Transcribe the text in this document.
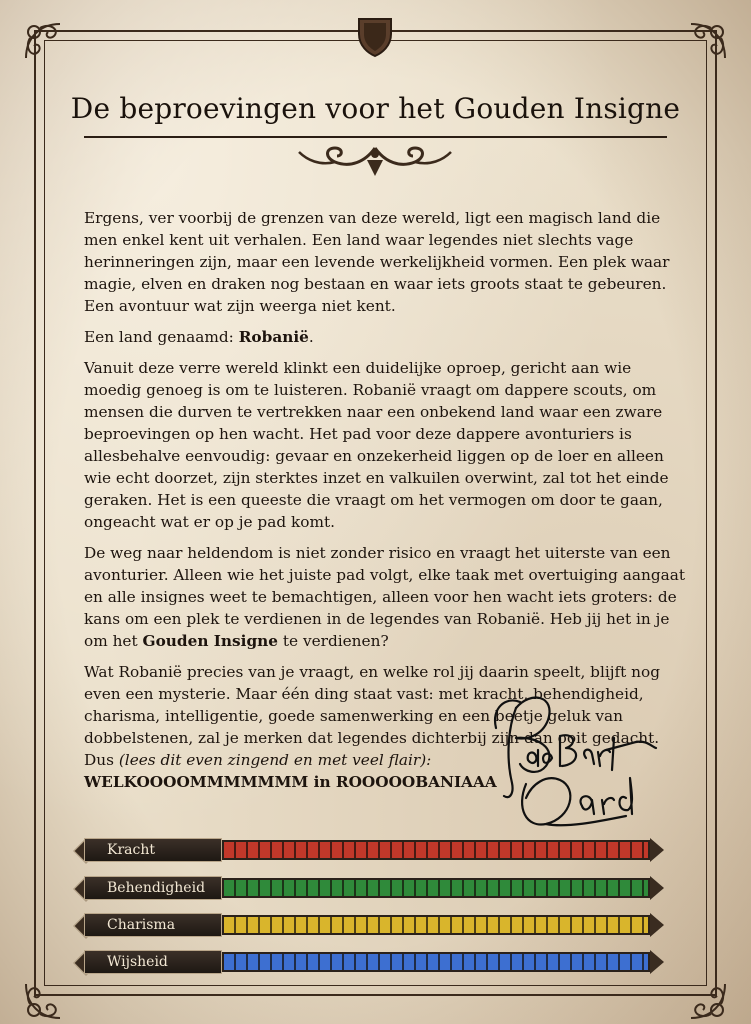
De beproevingen voor het Gouden Insigne

Ergens, ver voorbij de grenzen van deze wereld, ligt een magisch land die men enkel kent uit verhalen. Een land waar legendes niet slechts vage herinneringen zijn, maar een levende werkelijkheid vormen. Een plek waar magie, elven en draken nog bestaan en waar iets groots staat te gebeuren. Een avontuur wat zijn weerga niet kent.

Een land genaamd: Robanië.

Vanuit deze verre wereld klinkt een duidelijke oproep, gericht aan wie moedig genoeg is om te luisteren. Robanië vraagt om dappere scouts, om mensen die durven te vertrekken naar een onbekend land waar een zware beproevingen op hen wacht. Het pad voor deze dappere avonturiers is allesbehalve eenvoudig: gevaar en onzekerheid liggen op de loer en alleen wie echt doorzet, zijn sterktes inzet en valkuilen overwint, zal tot het einde geraken. Het is een queeste die vraagt om het vermogen om door te gaan, ongeacht wat er op je pad komt.

De weg naar heldendom is niet zonder risico en vraagt het uiterste van een avonturier. Alleen wie het juiste pad volgt, elke taak met overtuiging aangaat en alle insignes weet te bemachtigen, alleen voor hen wacht iets groters: de kans om een plek te verdienen in de legendes van Robanië. Heb jij het in je om het Gouden Insigne te verdienen?

Wat Robanië precies van je vraagt, en welke rol jij daarin speelt, blijft nog even een mysterie. Maar één ding staat vast: met kracht, behendigheid, charisma, intelligentie, goede samenwerking en een beetje geluk van dobbelstenen, zal je merken dat legendes dichterbij zijn dan ooit gedacht. Dus (lees dit even zingend en met veel flair):
WELKOOOOMMMMMMM in ROOOOOBANIAAA

de Bart
Kracht
Behendigheid
Charisma
Wijsheid
